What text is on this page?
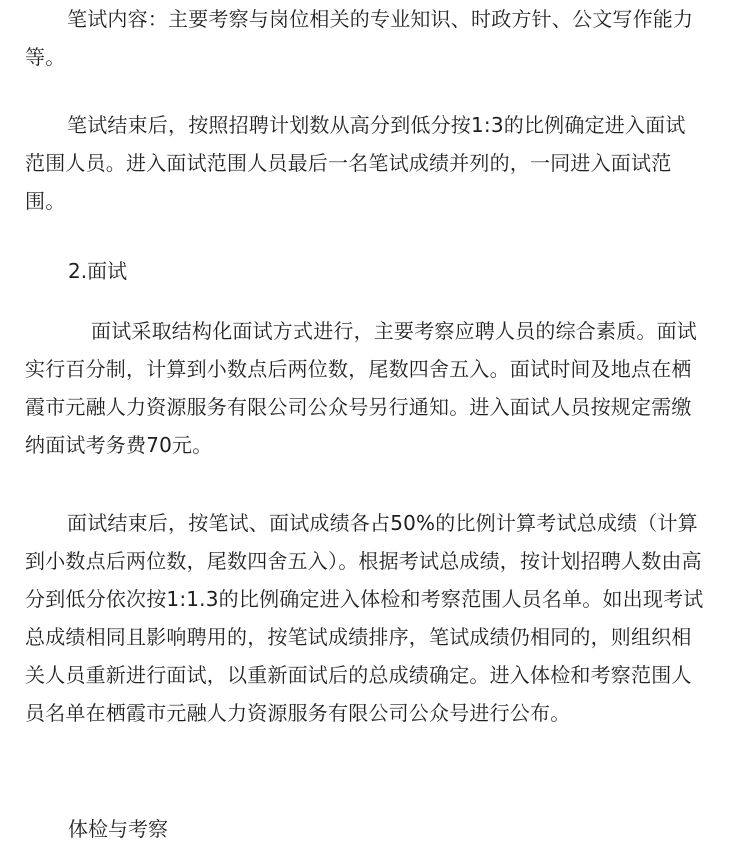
笔试内容：主要考察与岗位相关的专业知识、时政方针、公文写作能力等。

笔试结束后，按照招聘计划数从高分到低分按1:3的比例确定进入面试范围人员。进入面试范围人员最后一名笔试成绩并列的，一同进入面试范围。

2.面试

面试采取结构化面试方式进行，主要考察应聘人员的综合素质。面试实行百分制，计算到小数点后两位数，尾数四舍五入。面试时间及地点在栖霞市元融人力资源服务有限公司公众号另行通知。进入面试人员按规定需缴纳面试考务费70元。

面试结束后，按笔试、面试成绩各占50%的比例计算考试总成绩（计算到小数点后两位数，尾数四舍五入）。根据考试总成绩，按计划招聘人数由高分到低分依次按1:1.3的比例确定进入体检和考察范围人员名单。如出现考试总成绩相同且影响聘用的，按笔试成绩排序，笔试成绩仍相同的，则组织相关人员重新进行面试，以重新面试后的总成绩确定。进入体检和考察范围人员名单在栖霞市元融人力资源服务有限公司公众号进行公布。

体检与考察
